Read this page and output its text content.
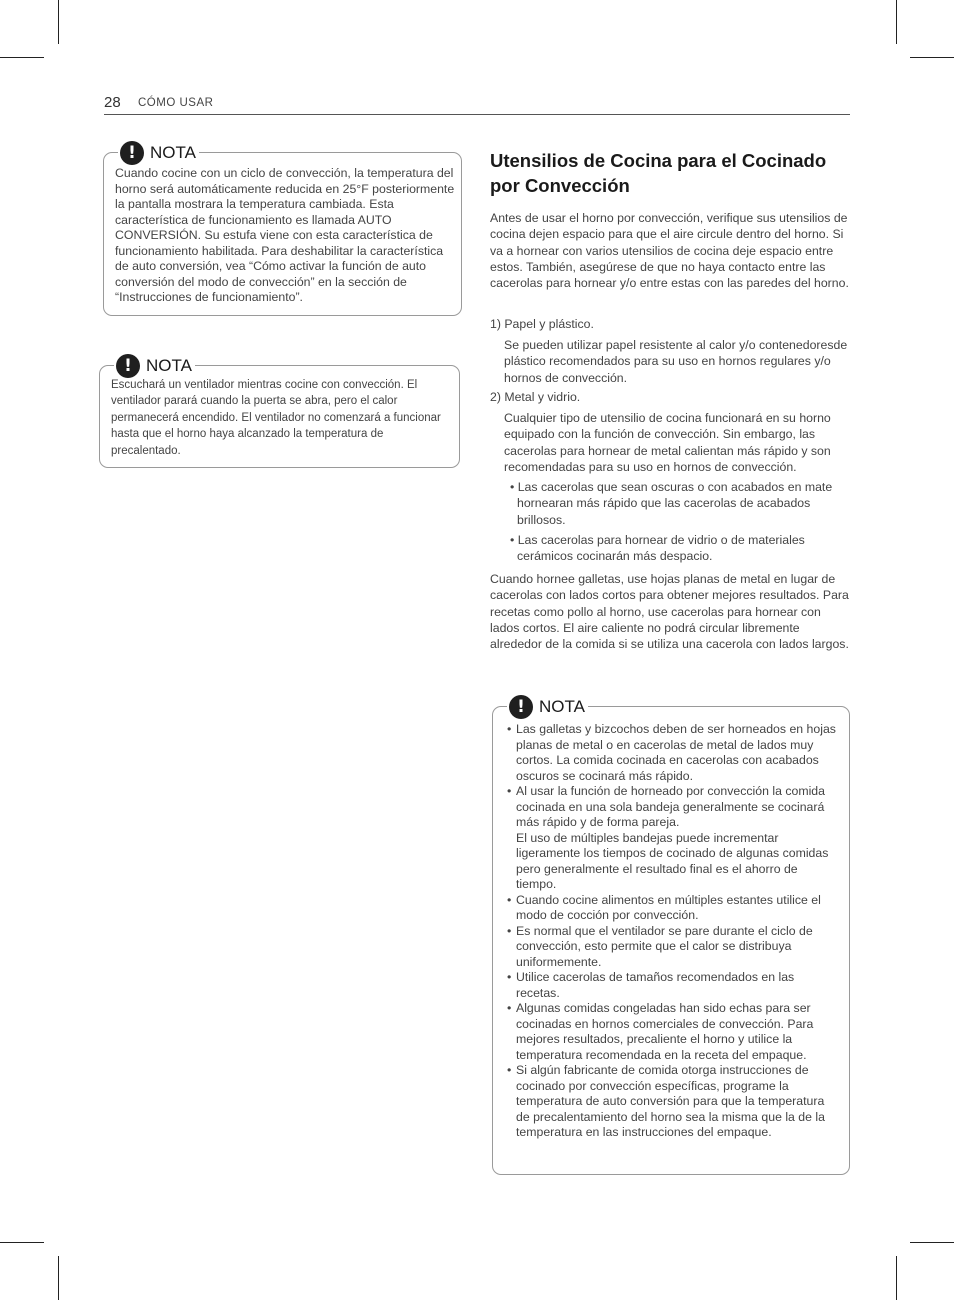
28 CÓMO USAR
! NOTA
Cuando cocine con un ciclo de convección, la temperatura del horno será automáticamente reducida en 25°F posteriormente la pantalla mostrara la temperatura cambiada. Esta característica de funcionamiento es llamada AUTO CONVERSIÓN. Su estufa viene con esta característica de funcionamiento habilitada. Para deshabilitar la característica de auto conversión, vea “Cómo activar la función de auto conversión del modo de convección” en la sección de “Instrucciones de funcionamiento”.
! NOTA
Escuchará un ventilador mientras cocine con convección. El ventilador parará cuando la puerta se abra, pero el calor permanecerá encendido. El ventilador no comenzará a funcionar hasta que el horno haya alcanzado la temperatura de precalentado.
Utensilios de Cocina para el Cocinado por Convección
Antes de usar el horno por convección, verifique sus utensilios de cocina dejen espacio para que el aire circule dentro del horno. Si va a hornear con varios utensilios de cocina deje espacio entre estos. También, asegúrese de que no haya contacto entre las cacerolas para hornear y/o entre estas con las paredes del horno.
1) Papel y plástico.
Se pueden utilizar papel resistente al calor y/o contenedoresde plástico recomendados para su uso en hornos regulares y/o hornos de convección.
2) Metal y vidrio.
Cualquier tipo de utensilio de cocina funcionará en su horno equipado con la función de convección. Sin embargo, las cacerolas para hornear de metal calientan más rápido y son recomendadas para su uso en hornos de convección.
• Las cacerolas que sean oscuras o con acabados en mate hornearan más rápido que las cacerolas de acabados brillosos.
• Las cacerolas para hornear de vidrio o de materiales cerámicos cocinarán más despacio.
Cuando hornee galletas, use hojas planas de metal en lugar de cacerolas con lados cortos para obtener mejores resultados. Para recetas como pollo al horno, use cacerolas para hornear con lados cortos. El aire caliente no podrá circular libremente alrededor de la comida si se utiliza una cacerola con lados largos.
! NOTA
• Las galletas y bizcochos deben de ser horneados en hojas planas de metal o en cacerolas de metal de lados muy cortos. La comida cocinada en cacerolas con acabados oscuros se cocinará más rápido.
• Al usar la función de horneado por convección la comida cocinada en una sola bandeja generalmente se cocinará más rápido y de forma pareja.
El uso de múltiples bandejas puede incrementar ligeramente los tiempos de cocinado de algunas comidas pero generalmente el resultado final es el ahorro de tiempo.
• Cuando cocine alimentos en múltiples estantes utilice el modo de cocción por convección.
• Es normal que el ventilador se pare durante el ciclo de convección, esto permite que el calor se distribuya uniformemente.
• Utilice cacerolas de tamaños recomendados en las recetas.
• Algunas comidas congeladas han sido echas para ser cocinadas en hornos comerciales de convección. Para mejores resultados, precaliente el horno y utilice la temperatura recomendada en la receta del empaque.
• Si algún fabricante de comida otorga instrucciones de cocinado por convección específicas, programe la temperatura de auto conversión para que la temperatura de precalentamiento del horno sea la misma que la de la temperatura en las instrucciones del empaque.
